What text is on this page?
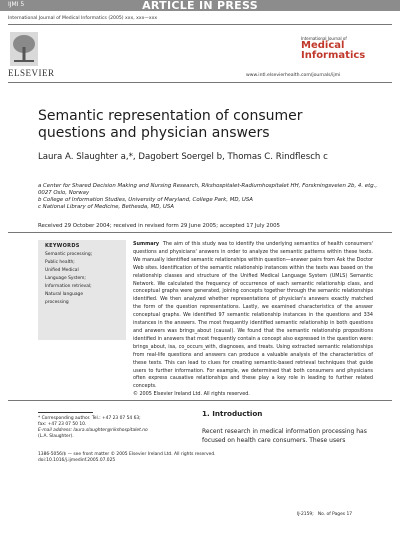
IJMI 5	ARTICLE IN PRESS
International Journal of Medical Informatics (2005) xxx, xxx—xxx
ELSEVIER
International Journal of
Medical
Informatics
www.intl.elsevierhealth.com/journals/ijmi
Semantic representation of consumer questions and physician answers
Laura A. Slaughter a,*, Dagobert Soergel b, Thomas C. Rindflesch c
a Center for Shared Decision Making and Nursing Research, Rikshospitalet-Radiumhospitalet HH, Forskningsveien 2b, 4. etg., 0027 Oslo, Norway
b College of Information Studies, University of Maryland, College Park, MD, USA
c National Library of Medicine, Bethesda, MD, USA
Received 29 October 2004; received in revised form 29 June 2005; accepted 17 July 2005
KEYWORDS
Semantic processing;
Public health;
Unified Medical
Language System;
Information retrieval;
Natural language
processing
Summary The aim of this study was to identify the underlying semantics of health consumers' questions and physicians' answers in order to analyze the semantic patterns within these texts. We manually identified semantic relationships within question—answer pairs from Ask the Doctor Web sites. Identification of the semantic relationship instances within the texts was based on the relationship classes and structure of the Unified Medical Language System (UMLS) Semantic Network. We calculated the frequency of occurrence of each semantic relationship class, and conceptual graphs were generated, joining concepts together through the semantic relationships identified. We then analyzed whether representations of physician's answers exactly matched the form of the question representations. Lastly, we examined characteristics of the answer conceptual graphs. We identified 97 semantic relationship instances in the questions and 334 instances in the answers. The most frequently identified semantic relationship in both questions and answers was brings_about (causal). We found that the semantic relationship propositions identified in answers that most frequently contain a concept also expressed in the question were: brings_about, isa, co_occurs_with, diagnoses, and treats. Using extracted semantic relationships from real-life questions and answers can produce a valuable analysis of the characteristics of these texts. This can lead to clues for creating semantic-based retrieval techniques that guide users to further information. For example, we determined that both consumers and physicians often express causative relationships and these play a key role in leading to further related concepts.
© 2005 Elsevier Ireland Ltd. All rights reserved.
1. Introduction
Recent research in medical information processing has focused on health care consumers. These users
* Corresponding author. Tel.: +47 23 07 54 63;
fax: +47 23 07 50 10.
E-mail address: laura.slaughter@rikshospitalet.no
(L.A. Slaughter).
1386-5056/$ — see front matter © 2005 Elsevier Ireland Ltd. All rights reserved.
doi:10.1016/j.ijmedinf.2005.07.025
IJ-2159; No. of Pages 17
